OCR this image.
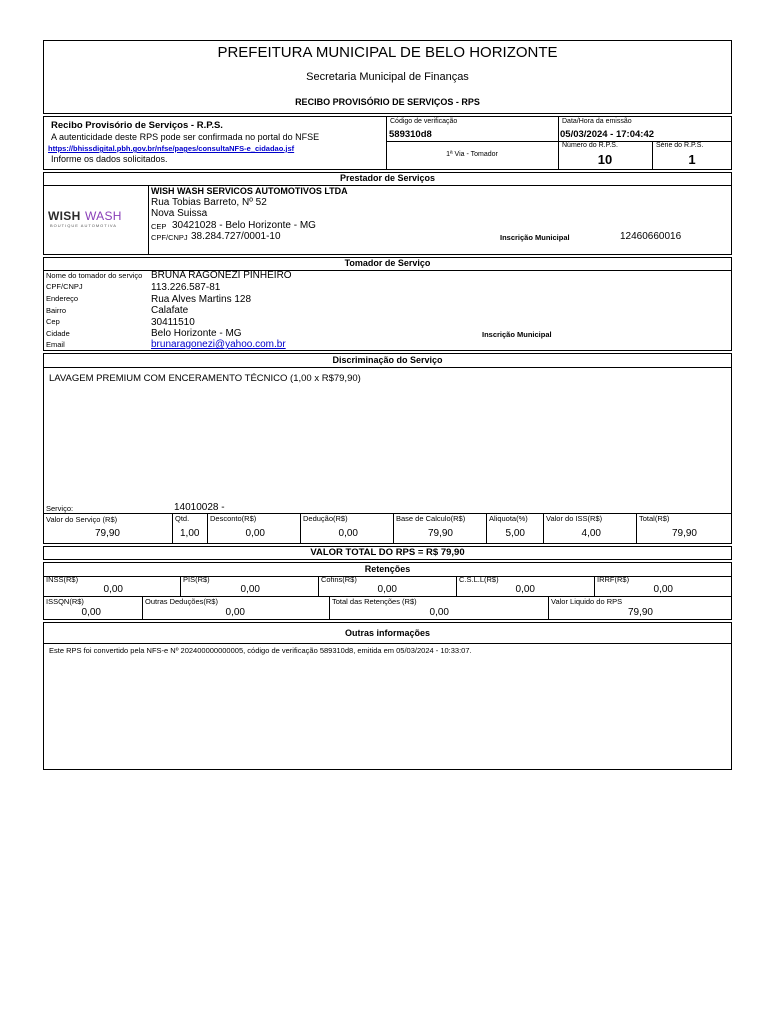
PREFEITURA MUNICIPAL DE BELO HORIZONTE
Secretaria Municipal de Finanças
RECIBO PROVISÓRIO DE SERVIÇOS - RPS
Recibo Provisório de Serviços - R.P.S.
A autenticidade deste RPS pode ser confirmada no portal do NFSE
https://bhissdigital.pbh.gov.br/nfse/pages/consultaNFS-e_cidadao.jsf
Informe os dados solicitados.
Código de verificação
589310d8
1ª Via - Tomador
Data/Hora da emissão
05/03/2024 - 17:04:42
Número do R.P.S.
10
Série do R.P.S.
1
Prestador de Serviços
WISH WASH
BOUTIQUE AUTOMOTIVA
WISH WASH SERVICOS AUTOMOTIVOS LTDA
Rua Tobias Barreto, Nº 52
Nova Suissa
CEP 30421028 - Belo Horizonte - MG
CPF/CNPJ 38.284.727/0001-10	Inscrição Municipal	12460660016
Tomador de Serviço
Nome do tomador do serviço BRUNA RAGONEZI PINHEIRO
CPF/CNPJ	113.226.587-81
Endereço	Rua Alves Martins 128
Bairro	Calafate
Cep	30411510
Cidade	Belo Horizonte - MG
Email	brunaragonezi@yahoo.com.br
Inscrição Municipal
Discriminação do Serviço
LAVAGEM PREMIUM COM ENCERAMENTO TÉCNICO (1,00 x R$79,90)
Serviço:	14010028 -
Valor do Serviço (R$)
79,90
Qtd.
1,00
Desconto(R$)
0,00
Dedução(R$)
0,00
Base de Calculo(R$)
79,90
Aliquota(%)
5,00
Valor do ISS(R$)
4,00
Total(R$)
79,90
VALOR TOTAL DO RPS = R$ 79,90
Retenções
INSS(R$)
0,00
PIS(R$)
0,00
Cofins(R$)
0,00
C.S.L.L(R$)
0,00
IRRF(R$)
0,00
ISSQN(R$)
0,00
Outras Deduções(R$)
0,00
Total das Retenções (R$)
0,00
Valor Liquido do RPS
79,90
Outras informações
Este RPS foi convertido pela NFS-e Nº 202400000000005, código de verificação 589310d8, emitida em 05/03/2024 - 10:33:07.
